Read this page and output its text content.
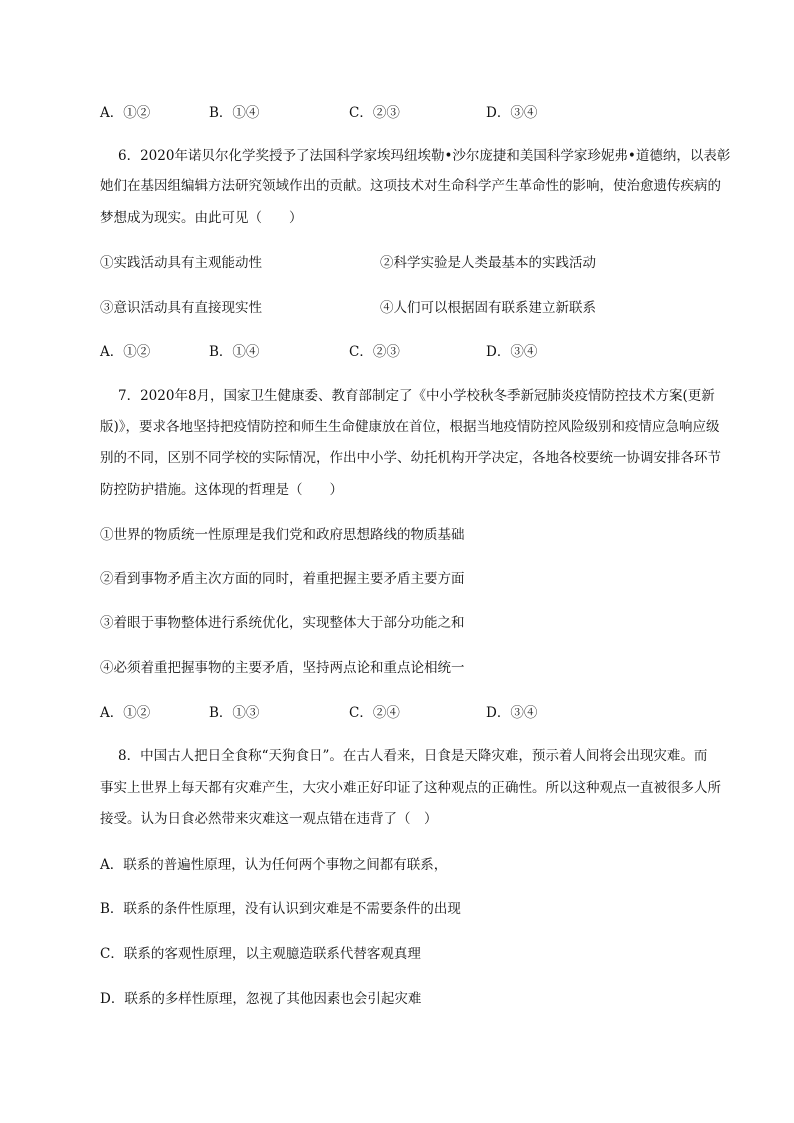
A．①②	B．①④	C．②③	D．③④
6．2020年诺贝尔化学奖授予了法国科学家埃玛纽埃勒•沙尔庞捷和美国科学家珍妮弗•道德纳，以表彰
她们在基因组编辑方法研究领域作出的贡献。这项技术对生命科学产生革命性的影响，使治愈遗传疾病的
梦想成为现实。由此可见（　　）
①实践活动具有主观能动性	②科学实验是人类最基本的实践活动
③意识活动具有直接现实性	④人们可以根据固有联系建立新联系
A．①②	B．①④	C．②③	D．③④
7．2020年8月，国家卫生健康委、教育部制定了《中小学校秋冬季新冠肺炎疫情防控技术方案(更新
版)》，要求各地坚持把疫情防控和师生生命健康放在首位，根据当地疫情防控风险级别和疫情应急响应级
别的不同，区别不同学校的实际情况，作出中小学、幼托机构开学决定，各地各校要统一协调安排各环节
防控防护措施。这体现的哲理是（　　）
①世界的物质统一性原理是我们党和政府思想路线的物质基础
②看到事物矛盾主次方面的同时，着重把握主要矛盾主要方面
③着眼于事物整体进行系统优化，实现整体大于部分功能之和
④必须着重把握事物的主要矛盾，坚持两点论和重点论相统一
A．①②	B．①③	C．②④	D．③④
8．中国古人把日全食称“天狗食日”。在古人看来，日食是天降灾难，预示着人间将会出现灾难。而
事实上世界上每天都有灾难产生，大灾小难正好印证了这种观点的正确性。所以这种观点一直被很多人所
接受。认为日食必然带来灾难这一观点错在违背了（　）
A．联系的普遍性原理，认为任何两个事物之间都有联系，
B．联系的条件性原理，没有认识到灾难是不需要条件的出现
C．联系的客观性原理，以主观臆造联系代替客观真理
D．联系的多样性原理，忽视了其他因素也会引起灾难
